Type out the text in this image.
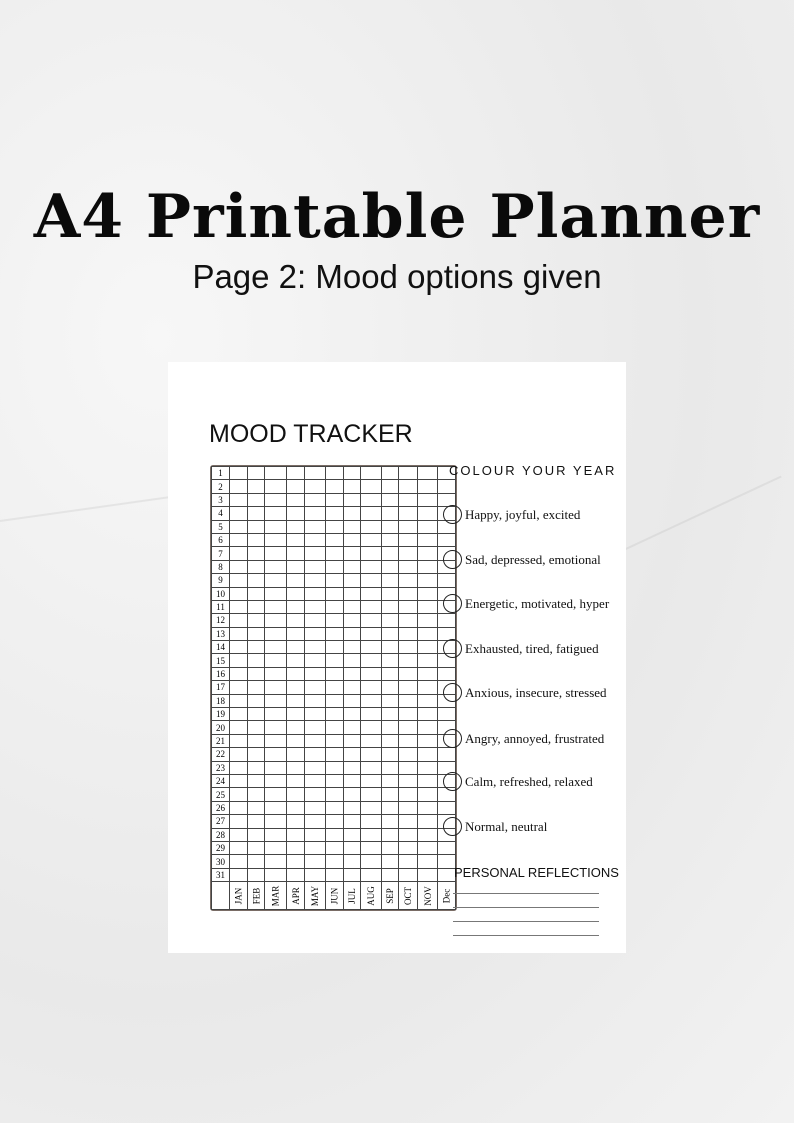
A4 Printable Planner
Page 2: Mood options given
MOOD TRACKER
1												
2												
3												
4												
5												
6												
7												
8												
9												
10												
11												
12												
13												
14												
15												
16												
17												
18												
19												
20												
21												
22												
23												
24												
25												
26												
27												
28												
29												
30												
31												
	JAN	FEB	MAR	APR	MAY	JUN	JUL	AUG	SEP	OCT	NOV	Dec
COLOUR YOUR YEAR
Happy, joyful, excited
Sad, depressed, emotional
Energetic, motivated, hyper
Exhausted, tired, fatigued
Anxious, insecure, stressed
Angry, annoyed, frustrated
Calm, refreshed, relaxed
Normal, neutral
PERSONAL REFLECTIONS
